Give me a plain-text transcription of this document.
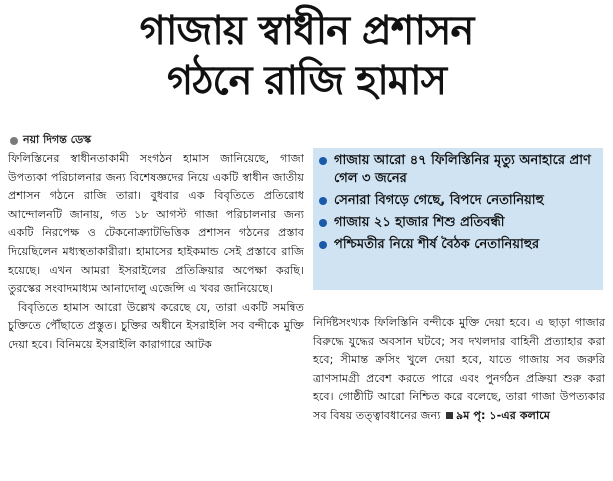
গাজায় স্বাধীন প্রশাসন
গঠনে রাজি হামাস
নয়া দিগন্ত ডেস্ক

ফিলিস্তিনের স্বাধীনতাকামী সংগঠন হামাস জানিয়েছে, গাজা উপত্যকা পরিচালনার জন্য বিশেষজ্ঞদের নিয়ে একটি স্বাধীন জাতীয় প্রশাসন গঠনে রাজি তারা। বুধবার এক বিবৃতিতে প্রতিরোধ আন্দোলনটি জানায়, গত ১৮ আগস্ট গাজা পরিচালনার জন্য একটি নিরপেক্ষ ও টেকনোক্র্যাটভিত্তিক প্রশাসন গঠনের প্রস্তাব দিয়েছিলেন মধ্যস্থতাকারীরা। হামাসের হাইকমান্ড সেই প্রস্তাবে রাজি হয়েছে। এখন আমরা ইসরাইলের প্রতিক্রিয়ার অপেক্ষা করছি। তুরস্কের সংবাদমাধ্যম আনাদোলু এজেন্সি এ খবর জানিয়েছে।

বিবৃতিতে হামাস আরো উল্লেখ করেছে যে, তারা একটি সমন্বিত চুক্তিতে পৌঁছাতে প্রস্তুত। চুক্তির অধীনে ইসরাইলি সব বন্দীকে মুক্তি দেয়া হবে। বিনিময়ে ইসরাইলি কারাগারে আটক

গাজায় আরো ৪৭ ফিলিস্তিনির মৃত্যু অনাহারে প্রাণ গেল ৩ জনের
সেনারা বিগড়ে গেছে, বিপদে নেতানিয়াহু
গাজায় ২১ হাজার শিশু প্রতিবন্ধী
পশ্চিমতীর নিয়ে শীর্ষ বৈঠক নেতানিয়াহুর

নির্দিষ্টসংখ্যক ফিলিস্তিনি বন্দীকে মুক্তি দেয়া হবে। এ ছাড়া গাজার বিরুদ্ধে যুদ্ধের অবসান ঘটবে; সব দখলদার বাহিনী প্রত্যাহার করা হবে; সীমান্ত ক্রসিং খুলে দেয়া হবে, যাতে গাজায় সব জরুরি ত্রাণসামগ্রী প্রবেশ করতে পারে এবং পুনর্গঠন প্রক্রিয়া শুরু করা হবে। গোষ্ঠীটি আরো নিশ্চিত করে বলেছে, তারা গাজা উপত্যকার সব বিষয় তত্ত্বাবধানের জন্য ৯ম পৃ: ১-এর কলামে
